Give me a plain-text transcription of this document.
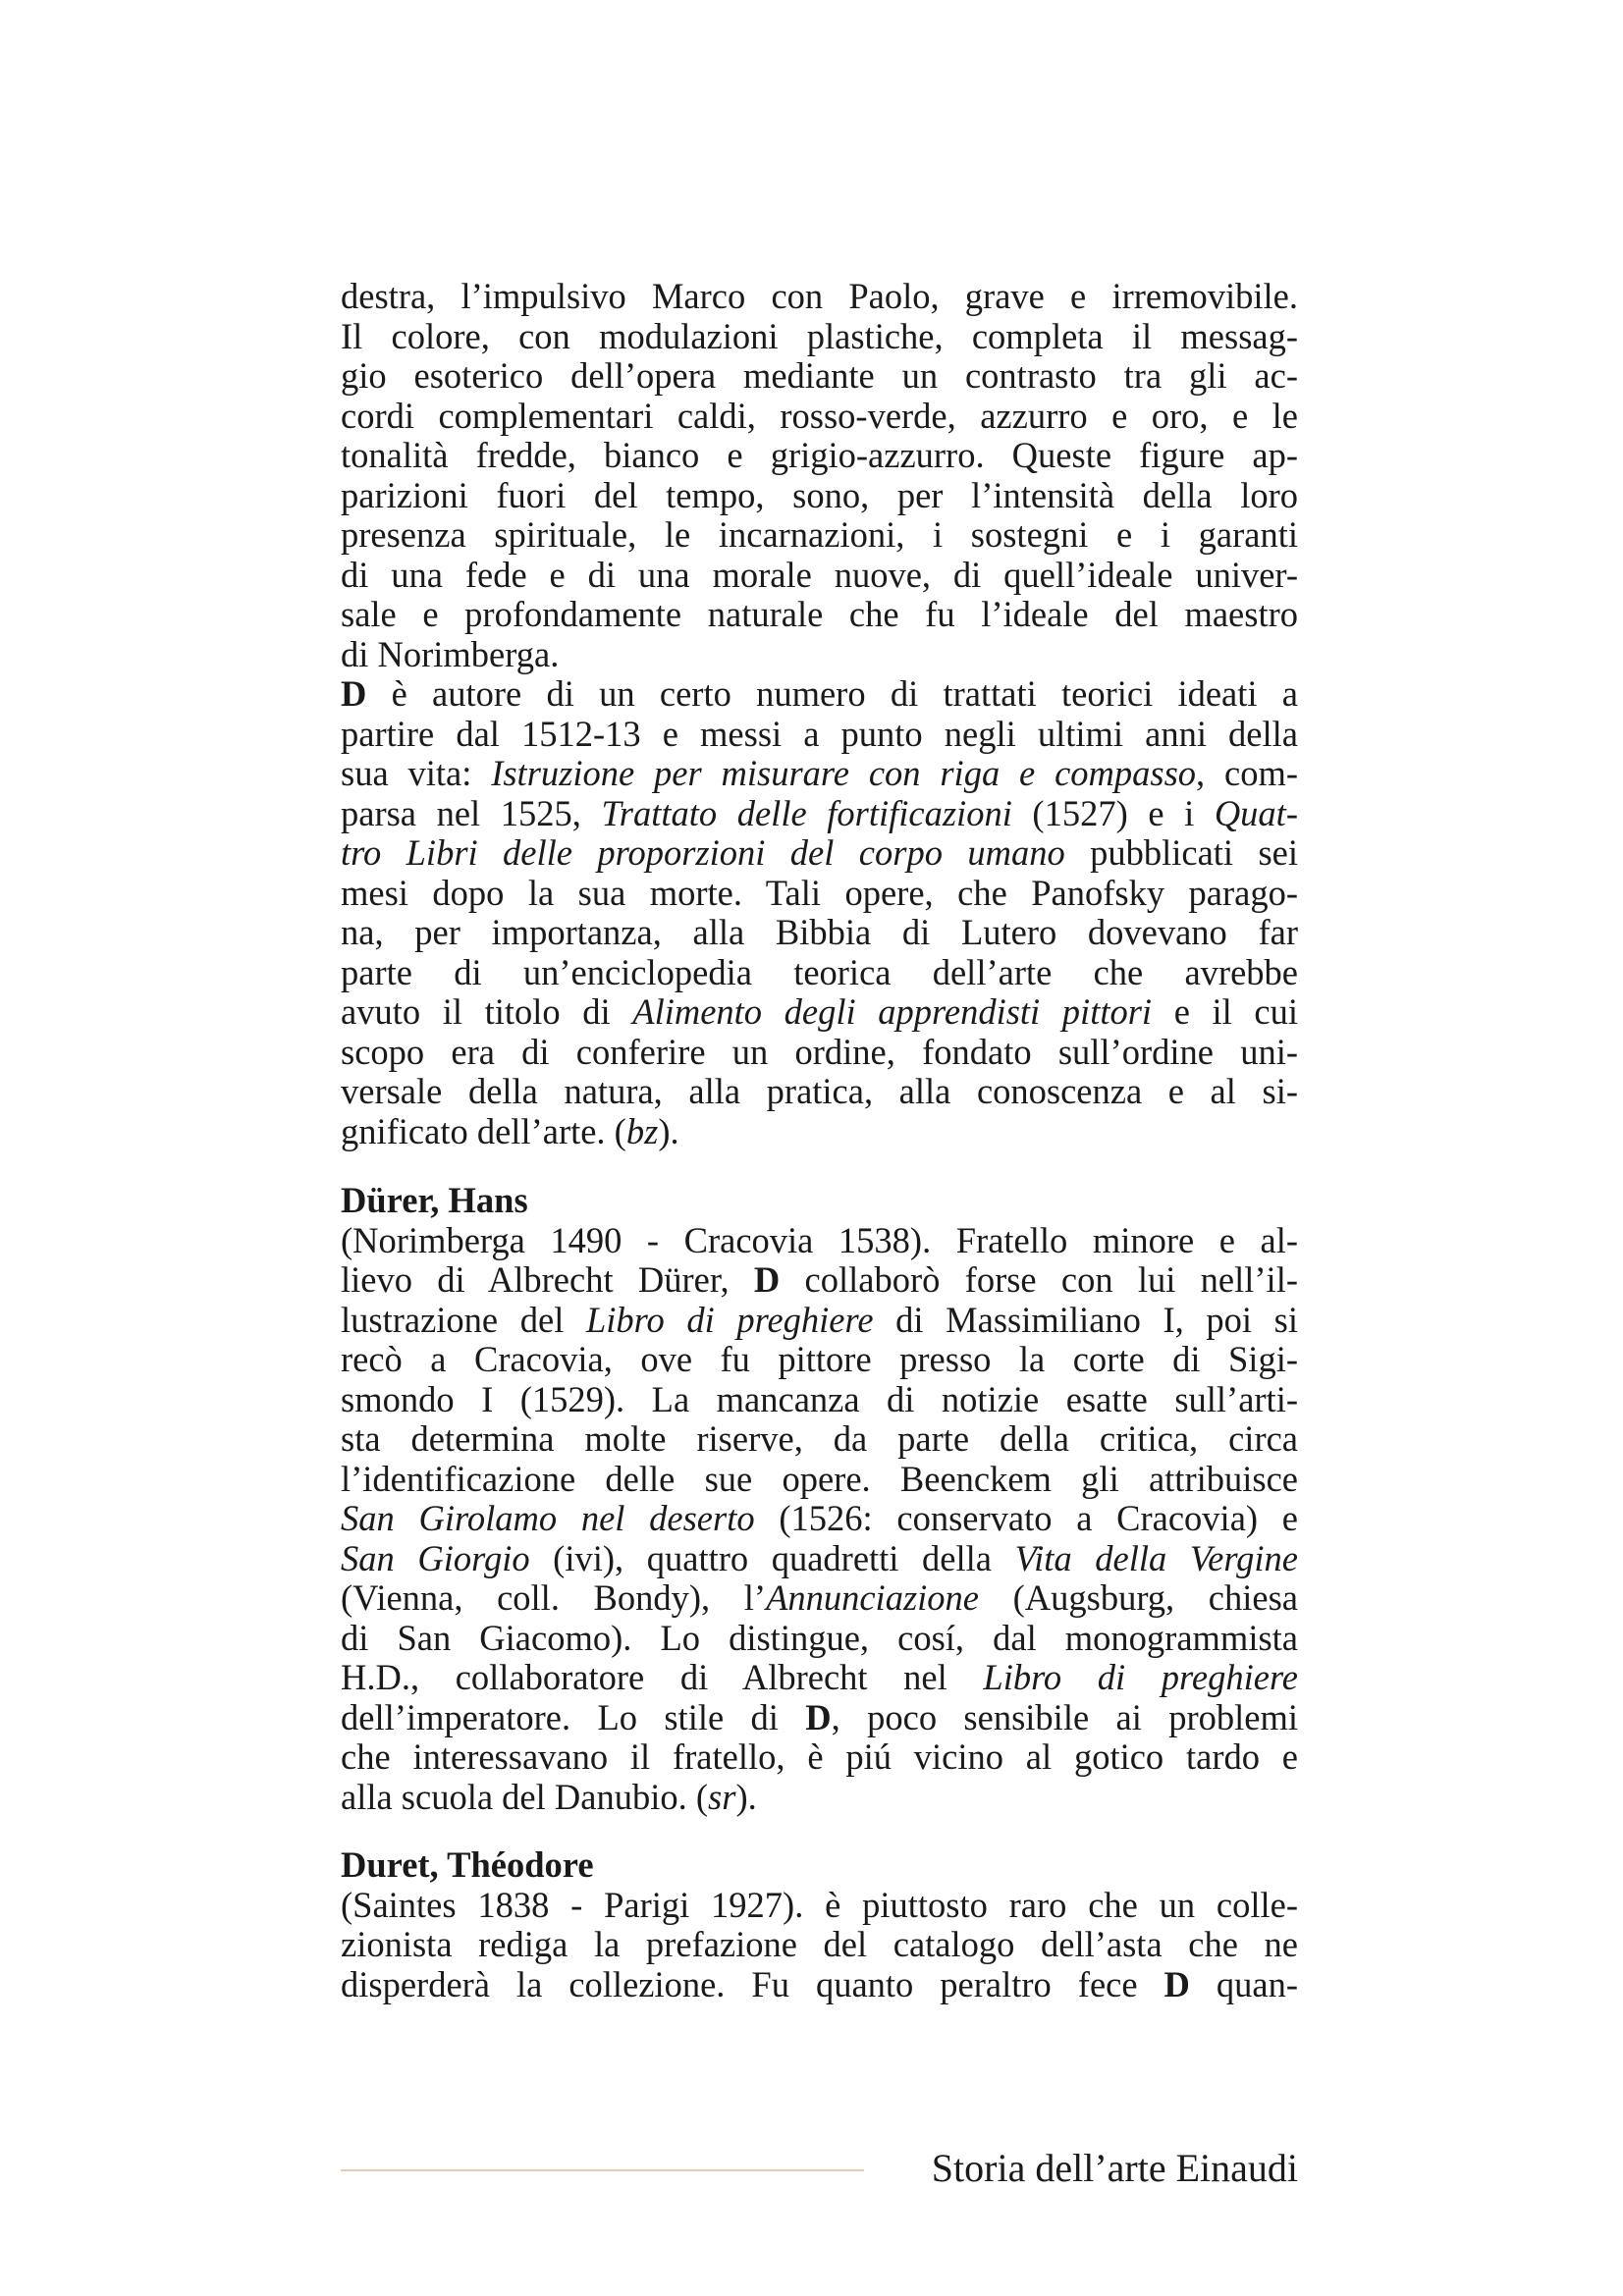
destra, l’impulsivo Marco con Paolo, grave e irremovibile.
Il colore, con modulazioni plastiche, completa il messag-
gio esoterico dell’opera mediante un contrasto tra gli ac-
cordi complementari caldi, rosso-verde, azzurro e oro, e le
tonalità fredde, bianco e grigio-azzurro. Queste figure ap-
parizioni fuori del tempo, sono, per l’intensità della loro
presenza spirituale, le incarnazioni, i sostegni e i garanti
di una fede e di una morale nuove, di quell’ideale univer-
sale e profondamente naturale che fu l’ideale del maestro
di Norimberga.
D è autore di un certo numero di trattati teorici ideati a
partire dal 1512-13 e messi a punto negli ultimi anni della
sua vita: Istruzione per misurare con riga e compasso, com-
parsa nel 1525, Trattato delle fortificazioni (1527) e i Quat-
tro Libri delle proporzioni del corpo umano pubblicati sei
mesi dopo la sua morte. Tali opere, che Panofsky parago-
na, per importanza, alla Bibbia di Lutero dovevano far
parte di un’enciclopedia teorica dell’arte che avrebbe
avuto il titolo di Alimento degli apprendisti pittori e il cui
scopo era di conferire un ordine, fondato sull’ordine uni-
versale della natura, alla pratica, alla conoscenza e al si-
gnificato dell’arte. (bz).
Dürer, Hans
(Norimberga 1490 - Cracovia 1538). Fratello minore e al-
lievo di Albrecht Dürer, D collaborò forse con lui nell’il-
lustrazione del Libro di preghiere di Massimiliano I, poi si
recò a Cracovia, ove fu pittore presso la corte di Sigi-
smondo I (1529). La mancanza di notizie esatte sull’arti-
sta determina molte riserve, da parte della critica, circa
l’identificazione delle sue opere. Beenckem gli attribuisce
San Girolamo nel deserto (1526: conservato a Cracovia) e
San Giorgio (ivi), quattro quadretti della Vita della Vergine
(Vienna, coll. Bondy), l’Annunciazione (Augsburg, chiesa
di San Giacomo). Lo distingue, cosí, dal monogrammista
H.D., collaboratore di Albrecht nel Libro di preghiere
dell’imperatore. Lo stile di D, poco sensibile ai problemi
che interessavano il fratello, è piú vicino al gotico tardo e
alla scuola del Danubio. (sr).
Duret, Théodore
(Saintes 1838 - Parigi 1927). è piuttosto raro che un colle-
zionista rediga la prefazione del catalogo dell’asta che ne
disperderà la collezione. Fu quanto peraltro fece D quan-
Storia dell’arte Einaudi
